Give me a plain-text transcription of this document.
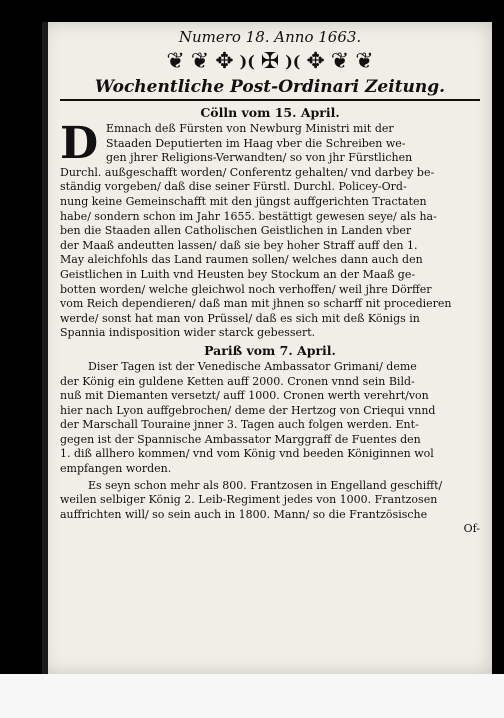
Numero 18. Anno 1663.
❦ ❦ ✥ )( ✠ )( ✥ ❦ ❦
Wochentliche Post-Ordinari Zeitung.
Cölln vom 15. April.
D Emnach deß Fürsten von Newburg Ministri mit der
Staaden Deputierten im Haag vber die Schreiben we-
gen jhrer Religions-Verwandten/ so von jhr Fürstlichen
Durchl. außgeschafft worden/ Conferentz gehalten/ vnd darbey be-
ständig vorgeben/ daß dise seiner Fürstl. Durchl. Policey-Ord-
nung keine Gemeinschafft mit den jüngst auffgerichten Tractaten
habe/ sondern schon im Jahr 1655. bestättigt gewesen seye/ als ha-
ben die Staaden allen Catholischen Geistlichen in Landen vber
der Maaß andeutten lassen/ daß sie bey hoher Straff auff den 1.
May aleichfohls das Land raumen sollen/ welches dann auch den
Geistlichen in Luith vnd Heusten bey Stockum an der Maaß ge-
botten worden/ welche gleichwol noch verhoffen/ weil jhre Dörffer
vom Reich dependieren/ daß man mit jhnen so scharff nit procedieren
werde/ sonst hat man von Prüssel/ daß es sich mit deß Königs in
Spannia indisposition wider starck gebessert.
Pariß vom 7. April.
Diser Tagen ist der Venedische Ambassator Grimani/ deme
der König ein guldene Ketten auff 2000. Cronen vnnd sein Bild-
nuß mit Diemanten versetzt/ auff 1000. Cronen werth verehrt/von
hier nach Lyon auffgebrochen/ deme der Hertzog von Criequi vnnd
der Marschall Touraine jnner 3. Tagen auch folgen werden. Ent-
gegen ist der Spannische Ambassator Marggraff de Fuentes den
1. diß allhero kommen/ vnd vom König vnd beeden Königinnen wol
empfangen worden.
Es seyn schon mehr als 800. Frantzosen in Engelland geschifft/
weilen selbiger König 2. Leib-Regiment jedes von 1000. Frantzosen
auffrichten will/ so sein auch in 1800. Mann/ so die Frantzösische
Of-
